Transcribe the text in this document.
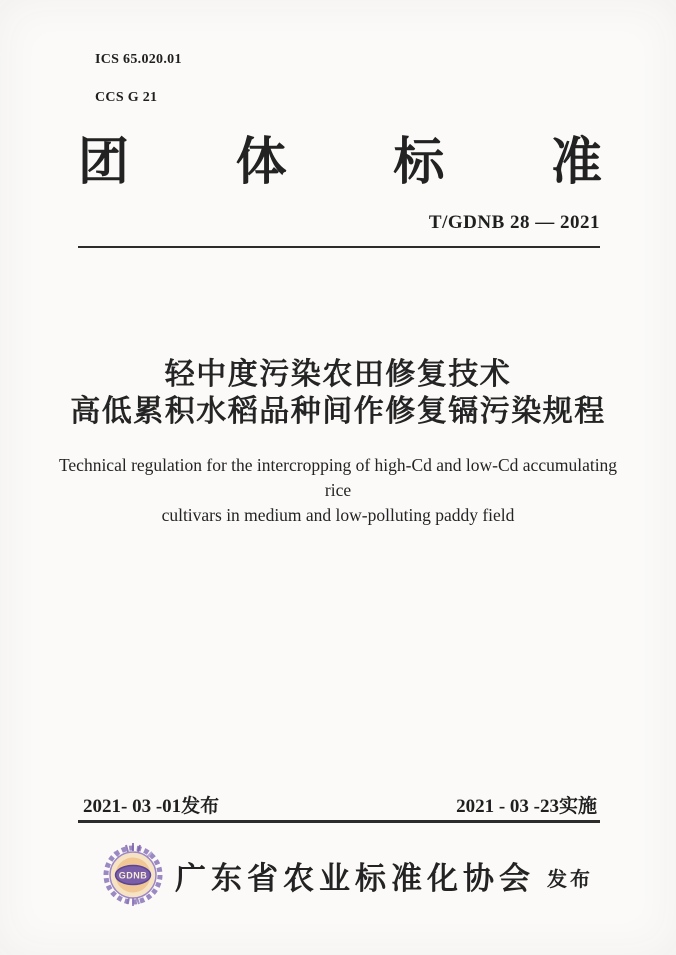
ICS 65.020.01
CCS G 21
团 体 标 准
T/GDNB 28 — 2021
轻中度污染农田修复技术
高低累积水稻品种间作修复镉污染规程
Technical regulation for the intercropping of high-Cd and low-Cd accumulating rice
cultivars in medium and low-polluting paddy field
2021- 03 -01发布	2021 - 03 -23实施
GDNB 广东省农业标准化协会 发布
